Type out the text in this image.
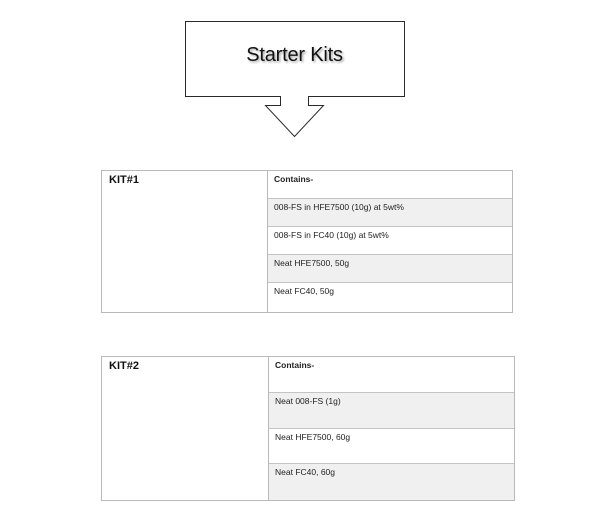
Starter Kits
KIT#1	Contains-
008-FS in HFE7500 (10g) at 5wt%
008-FS in FC40 (10g) at 5wt%
Neat HFE7500, 50g
Neat FC40, 50g
KIT#2	Contains-
Neat 008-FS (1g)
Neat HFE7500, 60g
Neat FC40, 60g
